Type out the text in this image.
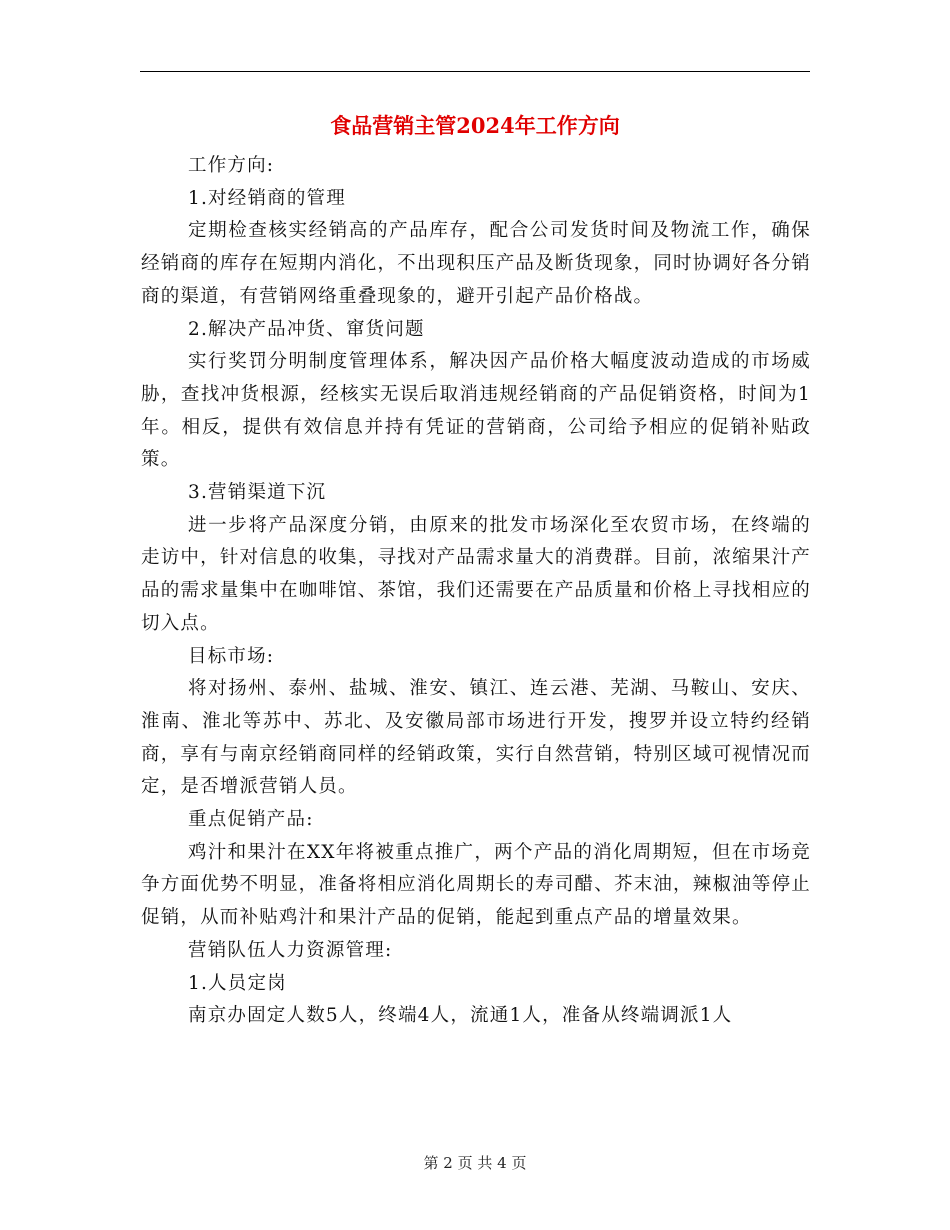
食品营销主管2024年工作方向

工作方向:

1.对经销商的管理

定期检查核实经销高的产品库存，配合公司发货时间及物流工作，确保经销商的库存在短期内消化，不出现积压产品及断货现象，同时协调好各分销商的渠道，有营销网络重叠现象的，避开引起产品价格战。

2.解决产品冲货、窜货问题

实行奖罚分明制度管理体系，解决因产品价格大幅度波动造成的市场威胁，查找冲货根源，经核实无误后取消违规经销商的产品促销资格，时间为1年。相反，提供有效信息并持有凭证的营销商，公司给予相应的促销补贴政策。

3.营销渠道下沉

进一步将产品深度分销，由原来的批发市场深化至农贸市场，在终端的走访中，针对信息的收集，寻找对产品需求量大的消费群。目前，浓缩果汁产品的需求量集中在咖啡馆、茶馆，我们还需要在产品质量和价格上寻找相应的切入点。

目标市场:

将对扬州、泰州、盐城、淮安、镇江、连云港、芜湖、马鞍山、安庆、淮南、淮北等苏中、苏北、及安徽局部市场进行开发，搜罗并设立特约经销商，享有与南京经销商同样的经销政策，实行自然营销，特别区域可视情况而定，是否增派营销人员。

重点促销产品:

鸡汁和果汁在XX年将被重点推广，两个产品的消化周期短，但在市场竞争方面优势不明显，准备将相应消化周期长的寿司醋、芥末油，辣椒油等停止促销，从而补贴鸡汁和果汁产品的促销，能起到重点产品的增量效果。

营销队伍人力资源管理:

1.人员定岗

南京办固定人数5人，终端4人，流通1人，准备从终端调派1人

第 2 页 共 4 页
